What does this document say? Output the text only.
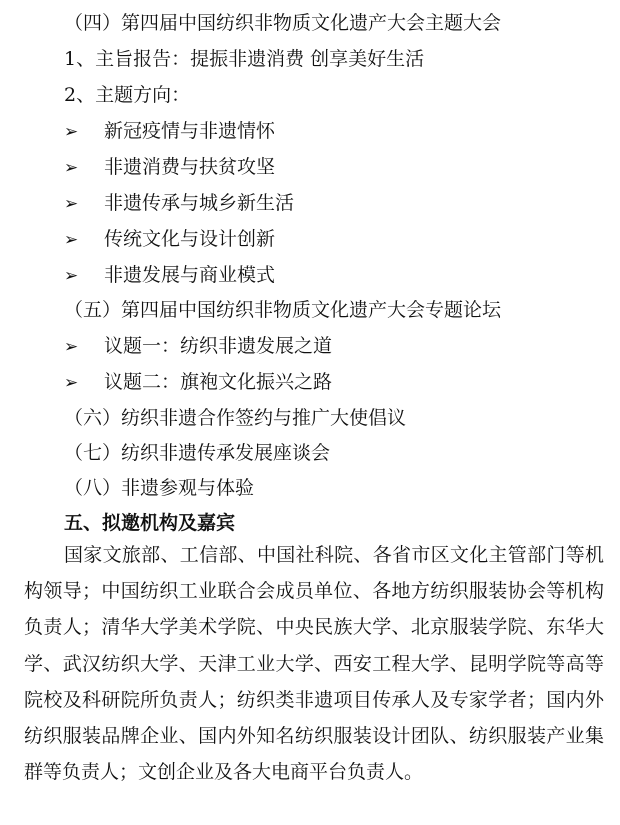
（四）第四届中国纺织非物质文化遗产大会主题大会
1、主旨报告：提振非遗消费 创享美好生活
2、主题方向：
➢ 新冠疫情与非遗情怀
➢ 非遗消费与扶贫攻坚
➢ 非遗传承与城乡新生活
➢ 传统文化与设计创新
➢ 非遗发展与商业模式
（五）第四届中国纺织非物质文化遗产大会专题论坛
➢ 议题一：纺织非遗发展之道
➢ 议题二：旗袍文化振兴之路
（六）纺织非遗合作签约与推广大使倡议
（七）纺织非遗传承发展座谈会
（八）非遗参观与体验
五、拟邀机构及嘉宾
国家文旅部、工信部、中国社科院、各省市区文化主管部门等机构领导；中国纺织工业联合会成员单位、各地方纺织服装协会等机构负责人；清华大学美术学院、中央民族大学、北京服装学院、东华大学、武汉纺织大学、天津工业大学、西安工程大学、昆明学院等高等院校及科研院所负责人；纺织类非遗项目传承人及专家学者；国内外纺织服装品牌企业、国内外知名纺织服装设计团队、纺织服装产业集群等负责人；文创企业及各大电商平台负责人。
